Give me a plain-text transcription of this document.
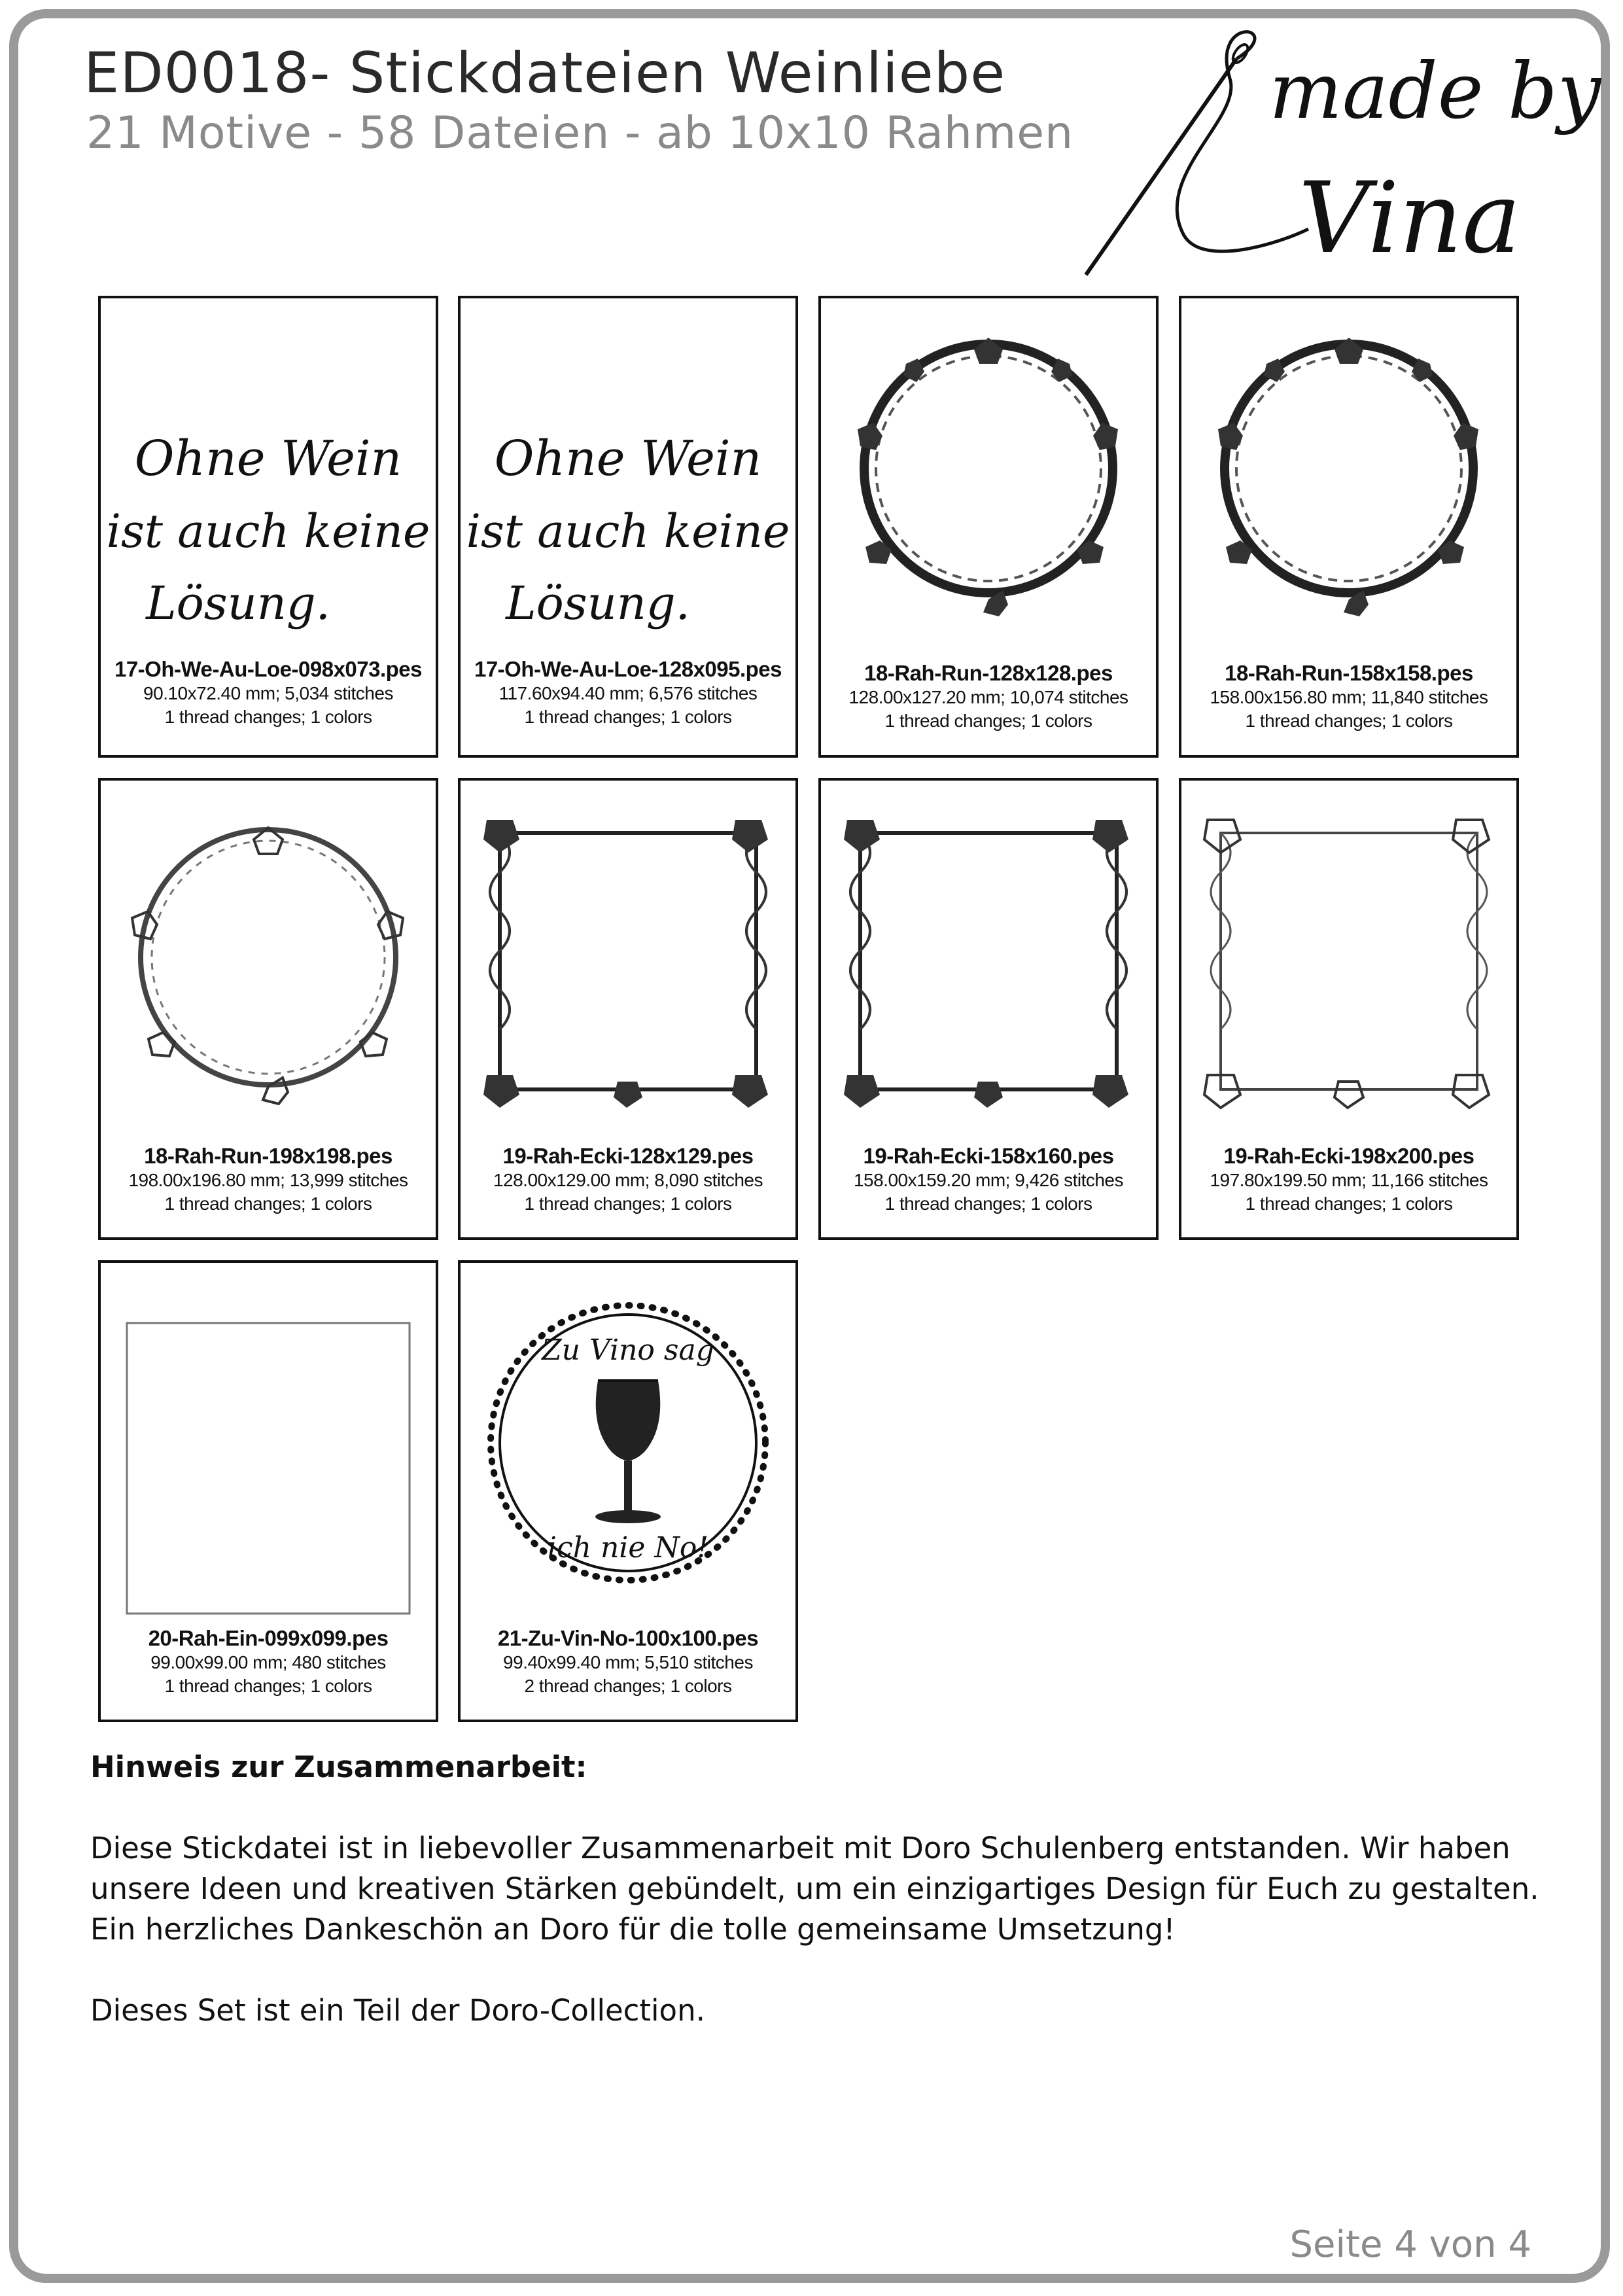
ED0018- Stickdateien Weinliebe
21 Motive - 58 Dateien - ab 10x10 Rahmen	made by
Vina
Ohne Wein
ist auch keine
Lösung.
17-Oh-We-Au-Loe-098x073.pes
90.10x72.40 mm; 5,034 stitches
1 thread changes; 1 colors
Ohne Wein
ist auch keine
Lösung.
17-Oh-We-Au-Loe-128x095.pes
117.60x94.40 mm; 6,576 stitches
1 thread changes; 1 colors
18-Rah-Run-128x128.pes
128.00x127.20 mm; 10,074 stitches
1 thread changes; 1 colors
18-Rah-Run-158x158.pes
158.00x156.80 mm; 11,840 stitches
1 thread changes; 1 colors
18-Rah-Run-198x198.pes
198.00x196.80 mm; 13,999 stitches
1 thread changes; 1 colors
19-Rah-Ecki-128x129.pes
128.00x129.00 mm; 8,090 stitches
1 thread changes; 1 colors
19-Rah-Ecki-158x160.pes
158.00x159.20 mm; 9,426 stitches
1 thread changes; 1 colors
19-Rah-Ecki-198x200.pes
197.80x199.50 mm; 11,166 stitches
1 thread changes; 1 colors
20-Rah-Ein-099x099.pes
99.00x99.00 mm; 480 stitches
1 thread changes; 1 colors
Zu Vino sag
ich nie No!
21-Zu-Vin-No-100x100.pes
99.40x99.40 mm; 5,510 stitches
2 thread changes; 1 colors

Hinweis zur Zusammenarbeit:

Diese Stickdatei ist in liebevoller Zusammenarbeit mit Doro Schulenberg entstanden. Wir haben unsere Ideen und kreativen Stärken gebündelt, um ein einzigartiges Design für Euch zu gestalten. Ein herzliches Dankeschön an Doro für die tolle gemeinsame Umsetzung!

Dieses Set ist ein Teil der Doro-Collection.

Seite 4 von 4
